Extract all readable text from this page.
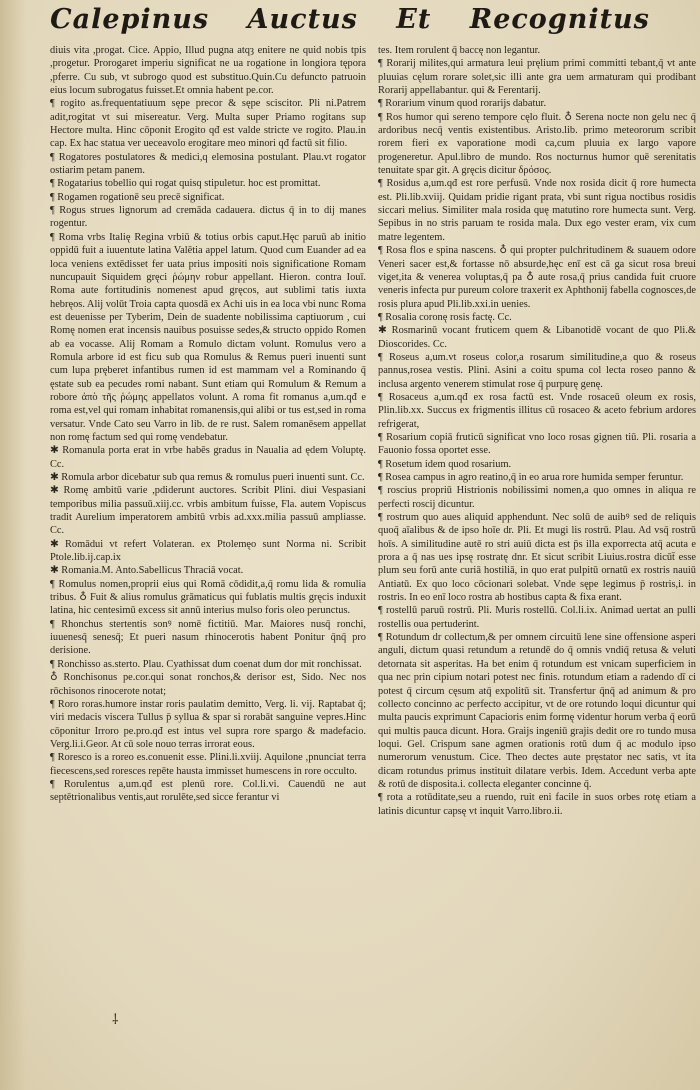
Calepinus Auctus Et Recognitus

diuis vita ,progat. Cice. Appio, Illud pugna atqȝ enitere ne quid nobis tpis ,progetur. Prorogaret imperiu significat ne ua rogatione in longiora tępora ,pferre. Cu sub, vt subrogo quod est substituo.Quin.Cu defuncto patruoin eius locum subrogatus fuisset.Et omnia habent pe.cor.

¶ rogito as.frequentatiuum sępe precor & sępe sciscitor. Pli ni.Patrem adit,rogitat vt sui misereatur. Verg. Multa super Priamo rogitans sup Hectore multa. Hinc cōponit Erogito qđ est valde stricte ve rogito. Plau.in cap. Ex hac statua ver ueceavolo erogitare meo minori qđ factū sit filio.

¶ Rogatores postulatores & medici,q elemosina postulant. Plau.vt rogator ostiarim petam panem.

¶ Rogatarius tobellio qui rogat quisq stipuletur. hoc est promittat.

¶ Rogamen rogationē seu precē significat.

¶ Rogus strues lignorum ad cremāda cadauera. dictus q̄ in to dij manes rogentur.

¶ Roma vrbs Italię Regina vrbiū & totius orbis caput.Hęc paruū ab initio oppidū fuit a iuuentute latina Valētia appel latum. Quod cum Euander ad ea loca veniens extēdisset fer uata prius impositi nois significatione Romam nuncupauit Siquidem gręci ῥώμην robur appellant. Hieron. contra Iouī. Roma aute fortitudinis nomenest apud gręcos, aut sublimi tatis iuxta hebręos. Alij volūt Troia capta quosdā ex Achi uis in ea loca vbi nunc Roma est deuenisse per Tyberim, Dein de suadente nobilissima captiuorum , cui Romę nomen erat incensis nauibus posuisse sedes,& structo oppido Romen ab ea vocasse. Alij Romam a Romulo dictam volunt. Romulus vero a Romula arbore id est ficu sub qua Romulus & Remus pueri inuenti sunt cum lupa pręberet infantibus rumen id est mammam vel a Rominando q̄ ęstate sub ea pecudes romi nabant. Sunt etiam qui Romulum & Remum a robore ἀπὸ τῆς ῥώμης appellatos volunt. A roma fit romanus a,um.qđ e roma est,vel qui romam inhabitat romanensis,qui alibi or tus est,sed in roma versatur. Vnde Cato seu Varro in lib. de re rust. Salem romanēsem appellat non romę factum sed qui romę vendebatur.

✱ Romanula porta erat in vrbe habēs gradus in Naualia ad ędem Voluptę. Cc.

✱ Romula arbor dicebatur sub qua remus & romulus pueri inuenti sunt. Cc.

✱ Romę ambitū varie ,pdiderunt auctores. Scribit Plini. diui Vespasiani temporibus milia passuū.xiij.cc. vrbis ambitum fuisse, Fla. autem Vopiscus tradit Aurelium imperatorem ambitū vrbis ad.xxx.milia passuū ampliasse. Cc.

✱ Romādui vt refert Volateran. ex Ptolemęo sunt Norma ni. Scribit Ptole.lib.ij.cap.ix

✱ Romania.M. Anto.Sabellicus Thraciā vocat.

¶ Romulus nomen,proprii eius qui Romā cōdidit,a,q̄ romu lida & romulia tribus. ♁ Fuit & alius romulus grāmaticus qui fublatis multis gręcis induxit latina, hic centesimū excess sit annū interius mulso foris oleo perunctus.

¶ Rhonchus stertentis sonꝰ nomē fictitiū. Mar. Maiores nusq̄ ronchi, iuuenesq̄ senesq̄; Et pueri nasum rhinocerotis habent Ponitur q̄nq̄ pro derisione.

¶ Ronchisso as.sterto. Plau. Cyathissat dum coenat dum dor mit ronchissat.

♁ Ronchisonus pe.cor.qui sonat ronchos,& derisor est, Sido. Nec nos rōchisonos rinocerote notat;

¶ Roro roras.humore instar roris paulatim demitto, Verg. li. vij. Raptabat q̄; viri medacis viscera Tullus p̄ syllua & spar si rorabāt sanguine vepres.Hinc cōponitur Irroro pe.pro.qđ est intus vel supra rore spargo & madefacio. Verg.li.i.Geor. At cū sole nouo terras irrorat eous.

¶ Roresco is a roreo es.conuenit esse. Plini.li.xviij. Aquilone ,pnunciat terra fiecescens,sed roresces repēte hausta immisset humescens in rore occulto.

¶ Rorulentus a,um.qđ est plenū rore. Col.li.vi. Cauendū ne aut septētrionalibus ventis,aut rorulēte,sed sicce ferantur vi

tes. Item rorulent q̄ baccę non legantur.

¶ Rorarij milites,qui armatura leui pręlium primi committi tebant,q̄ vt ante pluuias cęlum rorare solet,sic illi ante gra uem armaturam qui prodibant Rorarij appellabantur. qui & Ferentarij.

¶ Rorarium vinum quod rorarijs dabatur.

¶ Ros humor qui sereno tempore cęlo fluit. ♁ Serena nocte non gelu nec q̄ ardoribus necq̄ ventis existentibus. Aristo.lib. primo meteororum scribit rorem fieri ex vaporatione modi ca,cum pluuia ex largo vapore progeneretur. Apul.libro de mundo. Ros nocturnus humor quē serenitatis tenuitate spar git. A gręcis dicitur δρόσος.

¶ Rosidus a,um.qđ est rore perfusū. Vnde nox rosida dicit q̄ rore humecta est. Pli.lib.xviij. Quidam pridie rigant prata, vbi sunt rigua noctibus rosidis siccari melius. Similiter mala rosida quę matutino rore humecta sunt. Verg. Sepibus in no stris paruam te rosida mala. Dux ego vester eram, vix cum matre legentem.

¶ Rosa flos e spina nascens. ♁ qui propter pulchritudinem & suauem odore Veneri sacer est,& fortasse nō absurde,hęc enī est cā ga sicut rosa breui viget,ita & venerea voluptas,q̄ pa ♁ aute rosa,q̄ prius candida fuit cruore veneris infecta pur pureum colore traxerit ex Aphthonij fabella cognosces,de rosis plura apud Pli.lib.xxi.in uenies.

¶ Rosalia coronę rosis factę. Cc.

✱ Rosmarinū vocant fruticem quem & Libanotidē vocant de quo Pli.& Dioscorides. Cc.

¶ Roseus a,um.vt roseus color,a rosarum similitudine,a quo & roseus pannus,rosea vestis. Plini. Asini a coitu spuma col lecta roseo panno & inclusa argento venerem stimulat rose q̄ purpurę genę.

¶ Rosaceus a,um.qđ ex rosa factū est. Vnde rosaceū oleum ex rosis, Plin.lib.xx. Succus ex frigmentis illitus cū rosaceo & aceto febrium ardores refrigerat,

¶ Rosarium copiā fruticū significat vno loco rosas gignen tiū. Pli. rosaria a Fauonio fossa oportet esse.

¶ Rosetum idem quod rosarium.

¶ Rosea campus in agro reatino,q̄ in eo arua rore humida semper feruntur.

¶ roscius propriū Histrionis nobilissimi nomen,a quo omnes in aliqua re perfecti roscij dicuntur.

¶ rostrum quo aues aliquid apphendunt. Nec solū de auibꝰ sed de reliquis quoq̄ aīalibus & de ipso hoīe dr. Pli. Et mugi lis rostrū. Plau. Ad vsq̄ rostrū hoīs. A similitudine autē ro stri auiū dicta est p̄s illa exporrecta atq̄ acuta e prora a q̄ nas ues ipsę rostratę dnr. Et sicut scribit Liuius.rostra dicūt̄ esse plum seu forū ante curiā hostiliā, in quo erat pulpitū ornatū ex rostris nauiū Antiatū. Ex quo loco cōcionari solebat. Vnde sępe legimus p̄ rostris,i. in rostris. In eo enī loco rostra ab hostibus capta & fixa erant.

¶ rostellū paruū rostrū. Pli. Muris rostellū. Col.li.ix. Animad uertat an pulli rostellis oua pertuderint.

¶ Rotundum dr collectum,& per omnem circuitū lene sine offensione asperi anguli, dictum quasi retundum a retundē do q̄ omnis vndiq̄ retusa & veluti detornata sit asperitas. Ha bet enim q̄ rotundum est vnicam superficiem in qua nec prin cipium notari potest nec finis. rotundum etiam a radendo dī ci potest q̄ circum cęsum atq̄ expolitū sit. Transfertur q̄nq̄ ad animum & pro collecto concinno ac perfecto accipitur, vt de ore rotundo loqui dicuntur qui multa paucis exprimunt Capacioris enim formę videntur horum verba q̄ eorū qui multis pauca dicunt. Hora. Graijs ingeniū grajis dedit ore ro tundo musa loqui. Gel. Crispum sane agmen orationis rotū dum q̄ ac modulo ipso numerorum venustum. Cice. Theo dectes aute pręstator nec satis, vt ita dicam rotundus primus instituit dilatare verbis. Idem. Accedunt verba apte & rotū de disposita.i. collecta eleganter concinne q̄.

¶ rota a rotūditate,seu a ruendo, ruit eni facile in suos orbes rotę etiam a latinis dicuntur capsę vt inquit Varro.libro.ii.

⸸
